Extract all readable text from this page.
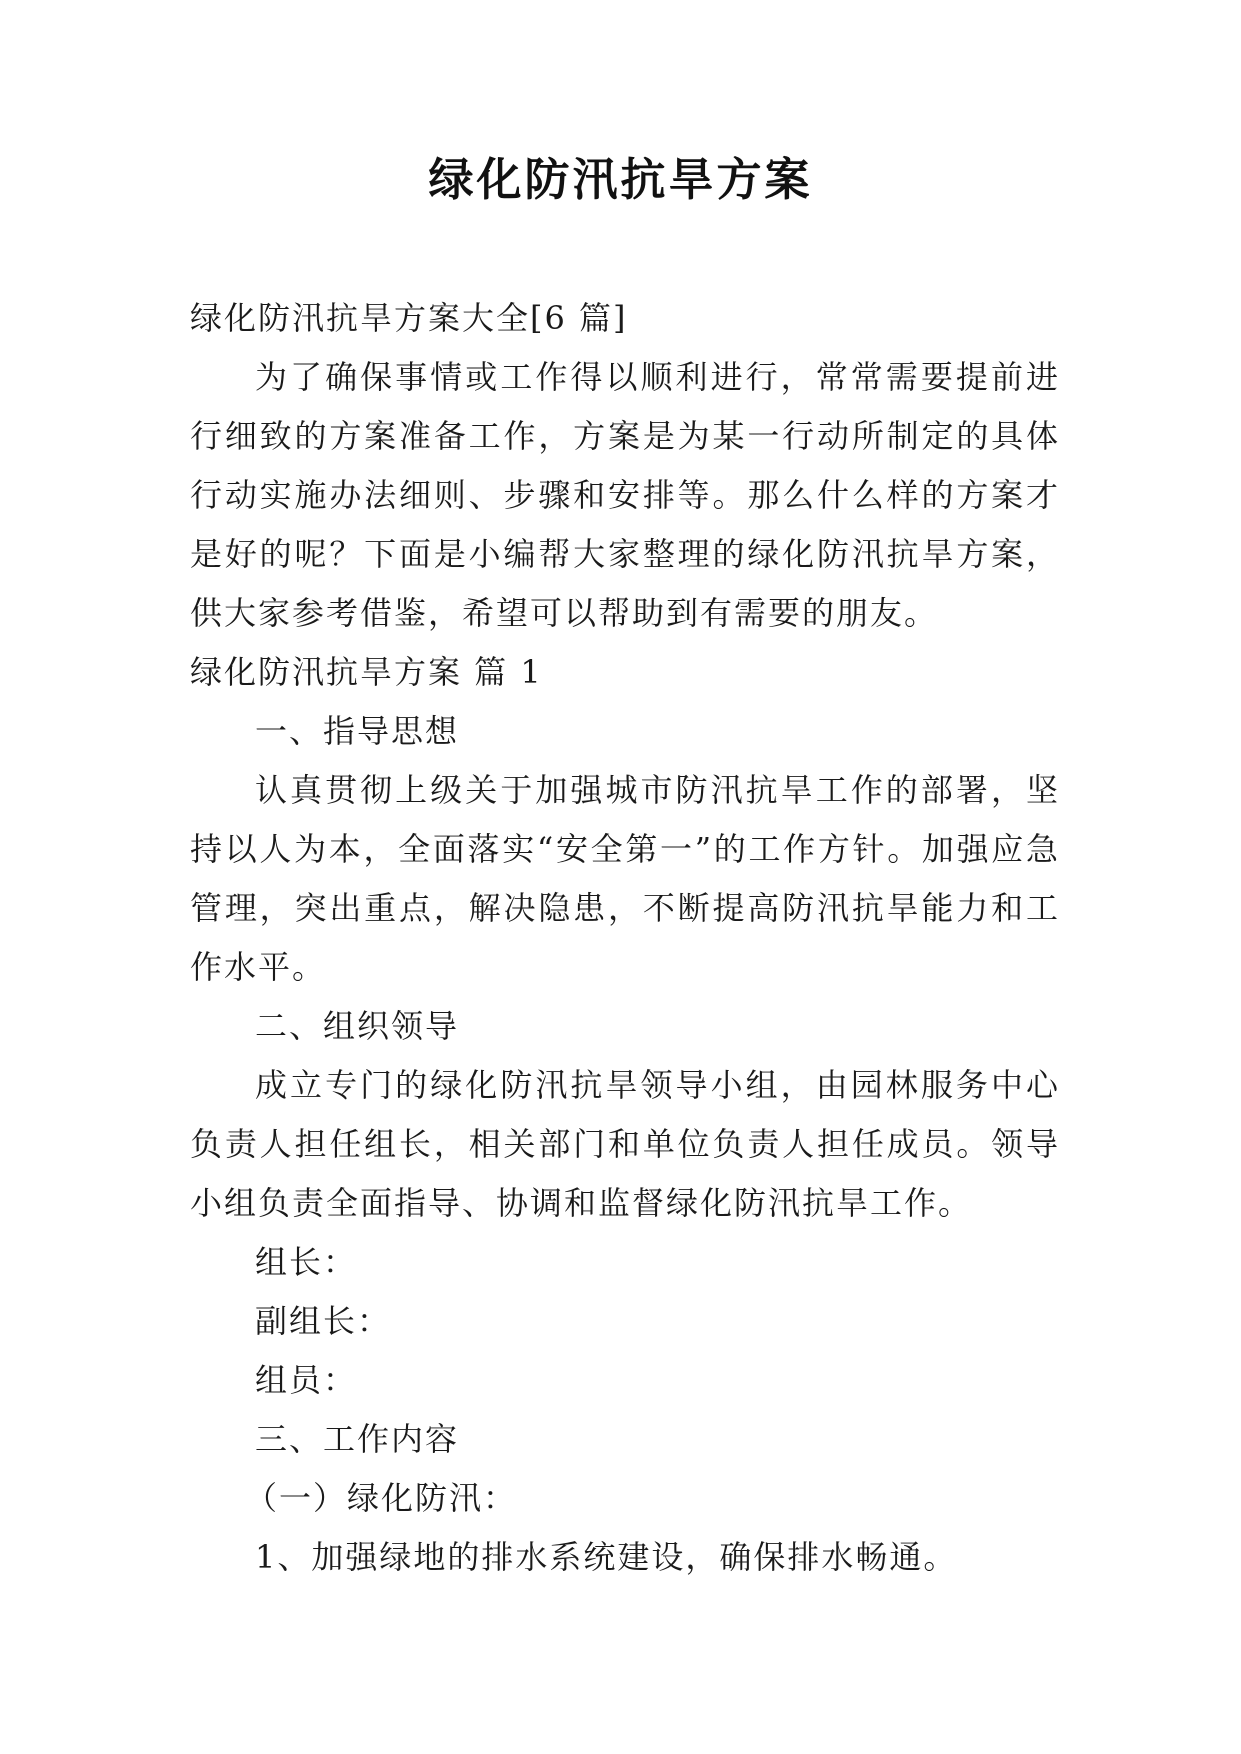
绿化防汛抗旱方案

绿化防汛抗旱方案大全[6 篇]

为了确保事情或工作得以顺利进行，常常需要提前进行细致的方案准备工作，方案是为某一行动所制定的具体行动实施办法细则、步骤和安排等。那么什么样的方案才是好的呢？下面是小编帮大家整理的绿化防汛抗旱方案，供大家参考借鉴，希望可以帮助到有需要的朋友。

绿化防汛抗旱方案 篇 1

一、指导思想

认真贯彻上级关于加强城市防汛抗旱工作的部署，坚持以人为本，全面落实“安全第一”的工作方针。加强应急管理，突出重点，解决隐患，不断提高防汛抗旱能力和工作水平。

二、组织领导

成立专门的绿化防汛抗旱领导小组，由园林服务中心负责人担任组长，相关部门和单位负责人担任成员。领导小组负责全面指导、协调和监督绿化防汛抗旱工作。

组长：

副组长：

组员：

三、工作内容

（一）绿化防汛：

1、加强绿地的排水系统建设，确保排水畅通。
